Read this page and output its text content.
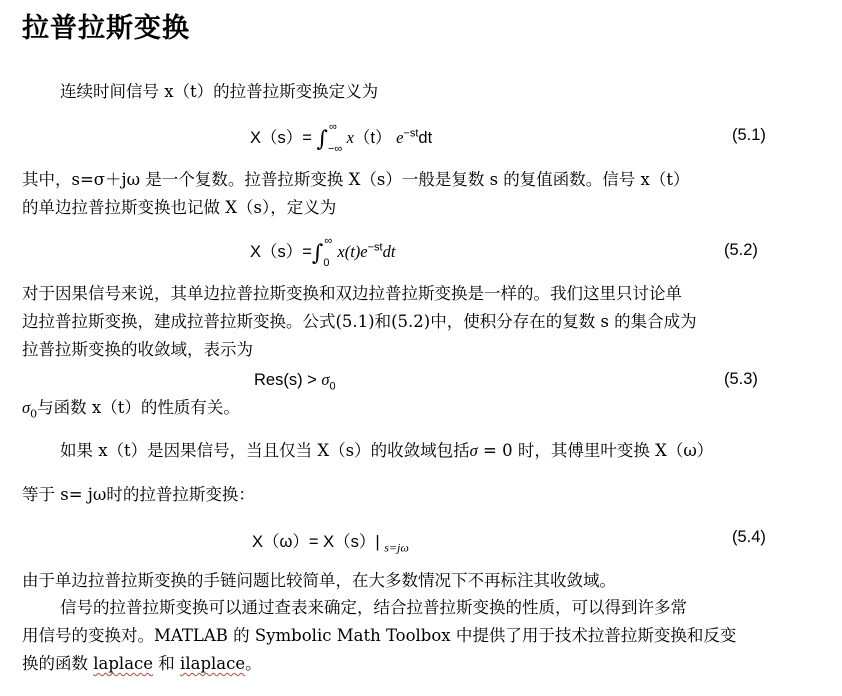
拉普拉斯变换
连续时间信号 x（t）的拉普拉斯变换定义为
X（s）= ∫ ∞
−∞
x（t） $e^{-st}dt$	(5.1)
其中，s=σ＋jω 是一个复数。拉普拉斯变换 X（s）一般是复数 s 的复值函数。信号 x（t）
的单边拉普拉斯变换也记做 X（s），定义为
X（s）=∫ ∞
0
$x(t)e^{-st}dt$	(5.2)
对于因果信号来说，其单边拉普拉斯变换和双边拉普拉斯变换是一样的。我们这里只讨论单
边拉普拉斯变换，建成拉普拉斯变换。公式(5.1)和(5.2)中，使积分存在的复数 s 的集合成为
拉普拉斯变换的收敛域，表示为
$Res(s) > \sigma_0$	(5.3)
$\sigma_0$与函数 x（t）的性质有关。
如果 x（t）是因果信号，当且仅当 X（s）的收敛域包括σ = 0 时，其傅里叶变换 X（ω）
等于 s= jω时的拉普拉斯变换：
X（ω）= X（s）| $_{s=j\omega}$
(5.4)
由于单边拉普拉斯变换的手链问题比较简单，在大多数情况下不再标注其收敛域。
信号的拉普拉斯变换可以通过查表来确定，结合拉普拉斯变换的性质，可以得到许多常
用信号的变换对。MATLAB 的 Symbolic Math Toolbox 中提供了用于技术拉普拉斯变换和反变
换的函数 laplace 和 ilaplace。
